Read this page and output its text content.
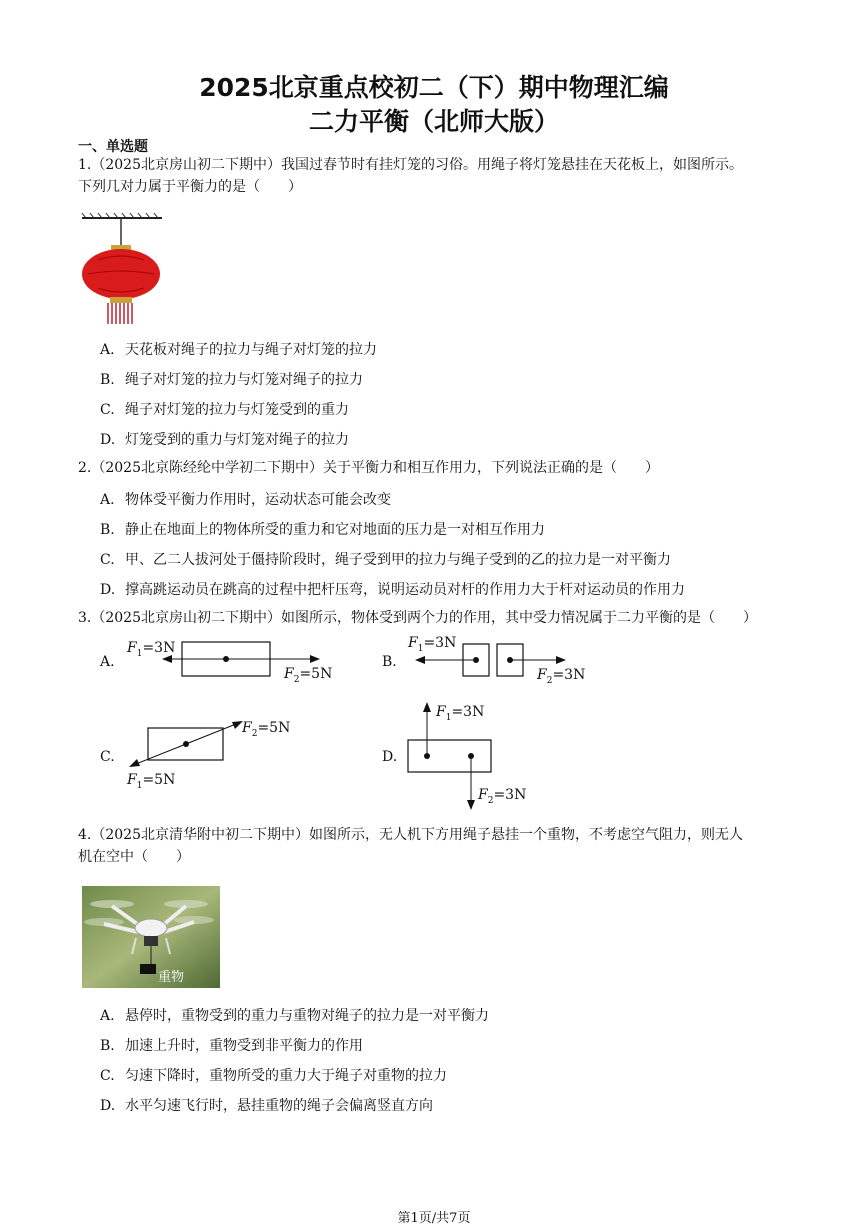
2025北京重点校初二（下）期中物理汇编
二力平衡（北师大版）
一、单选题
1.（2025北京房山初二下期中）我国过春节时有挂灯笼的习俗。用绳子将灯笼悬挂在天花板上，如图所示。
下列几对力属于平衡力的是（　　）
A. 天花板对绳子的拉力与绳子对灯笼的拉力
B. 绳子对灯笼的拉力与灯笼对绳子的拉力
C. 绳子对灯笼的拉力与灯笼受到的重力
D. 灯笼受到的重力与灯笼对绳子的拉力
2.（2025北京陈经纶中学初二下期中）关于平衡力和相互作用力，下列说法正确的是（　　）
A. 物体受平衡力作用时，运动状态可能会改变
B. 静止在地面上的物体所受的重力和它对地面的压力是一对相互作用力
C. 甲、乙二人拔河处于僵持阶段时，绳子受到甲的拉力与绳子受到的乙的拉力是一对平衡力
D. 撑高跳运动员在跳高的过程中把杆压弯，说明运动员对杆的作用力大于杆对运动员的作用力
3.（2025北京房山初二下期中）如图所示，物体受到两个力的作用，其中受力情况属于二力平衡的是（　　）
A.
$F_1=3N$
$F_2=5N$
B.
$F_1=3N$
$F_2=3N$
C.
$F_2=5N$
$F_1=5N$
D.
$F_1=3N$
$F_2=3N$
4.（2025北京清华附中初二下期中）如图所示，无人机下方用绳子悬挂一个重物，不考虑空气阻力，则无人
机在空中（　　）
重物
A. 悬停时，重物受到的重力与重物对绳子的拉力是一对平衡力
B. 加速上升时，重物受到非平衡力的作用
C. 匀速下降时，重物所受的重力大于绳子对重物的拉力
D. 水平匀速飞行时，悬挂重物的绳子会偏离竖直方向
第1页/共7页
